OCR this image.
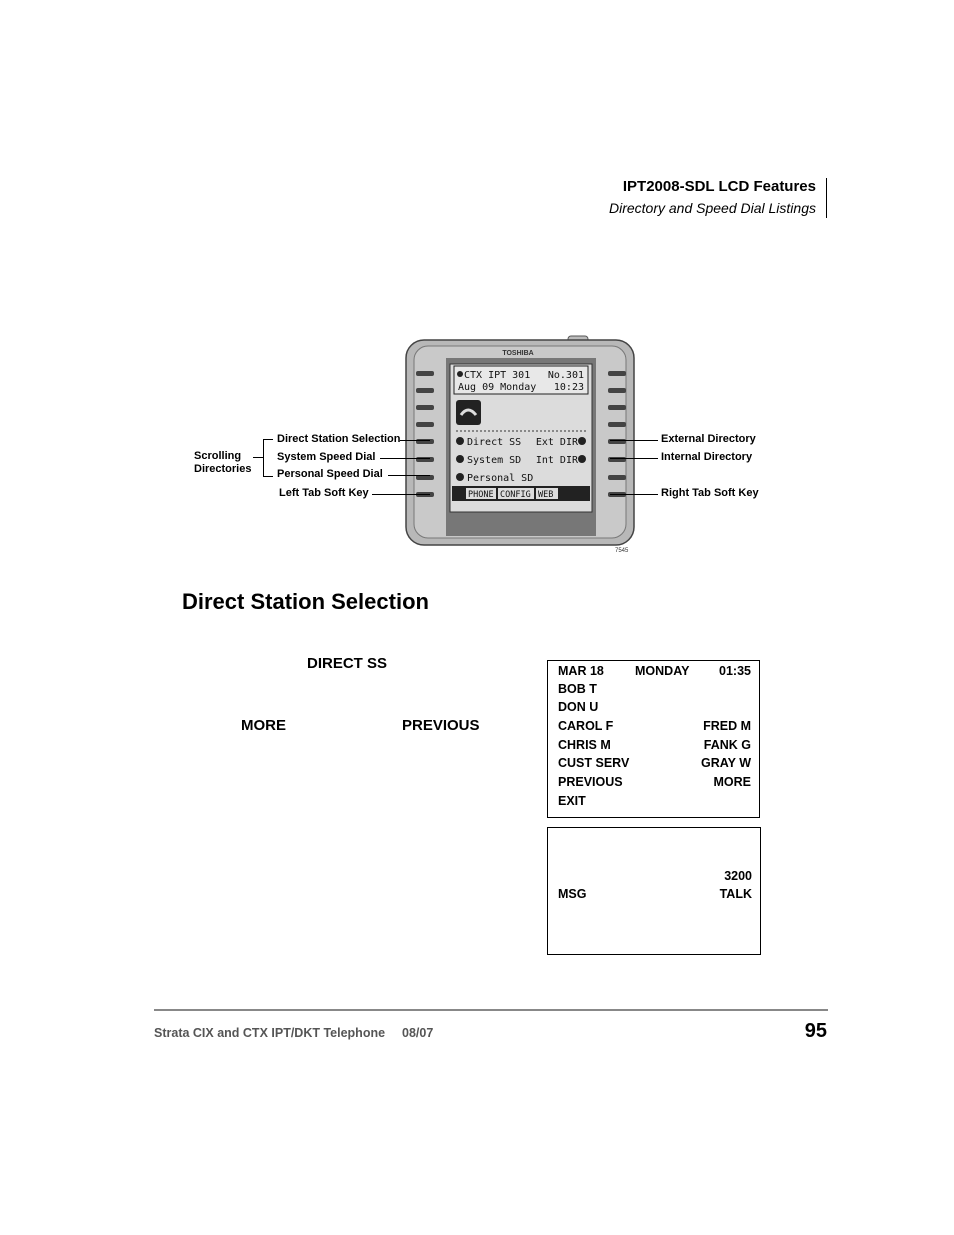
IPT2008-SDL LCD Features
Directory and Speed Dial Listings
TOSHIBA
CTX IPT 301 No.301
Aug 09 Monday 10:23
Direct SS Ext DIR
System SD Int DIR
Personal SD
PHONE CONFIG WEB
Scrolling
Directories
Direct Station Selection
System Speed Dial
Personal Speed Dial
Left Tab Soft Key
External Directory
Internal Directory
Right Tab Soft Key
7545
Direct Station Selection
DIRECT SS
MORE	PREVIOUS
MAR 18 MONDAY 01:35
BOB T
DON U
CAROL F	FRED M
CHRIS M	FANK G
CUST SERV	GRAY W
PREVIOUS	MORE
EXIT
3200
MSG	TALK
Strata CIX and CTX IPT/DKT Telephone 08/07	95
